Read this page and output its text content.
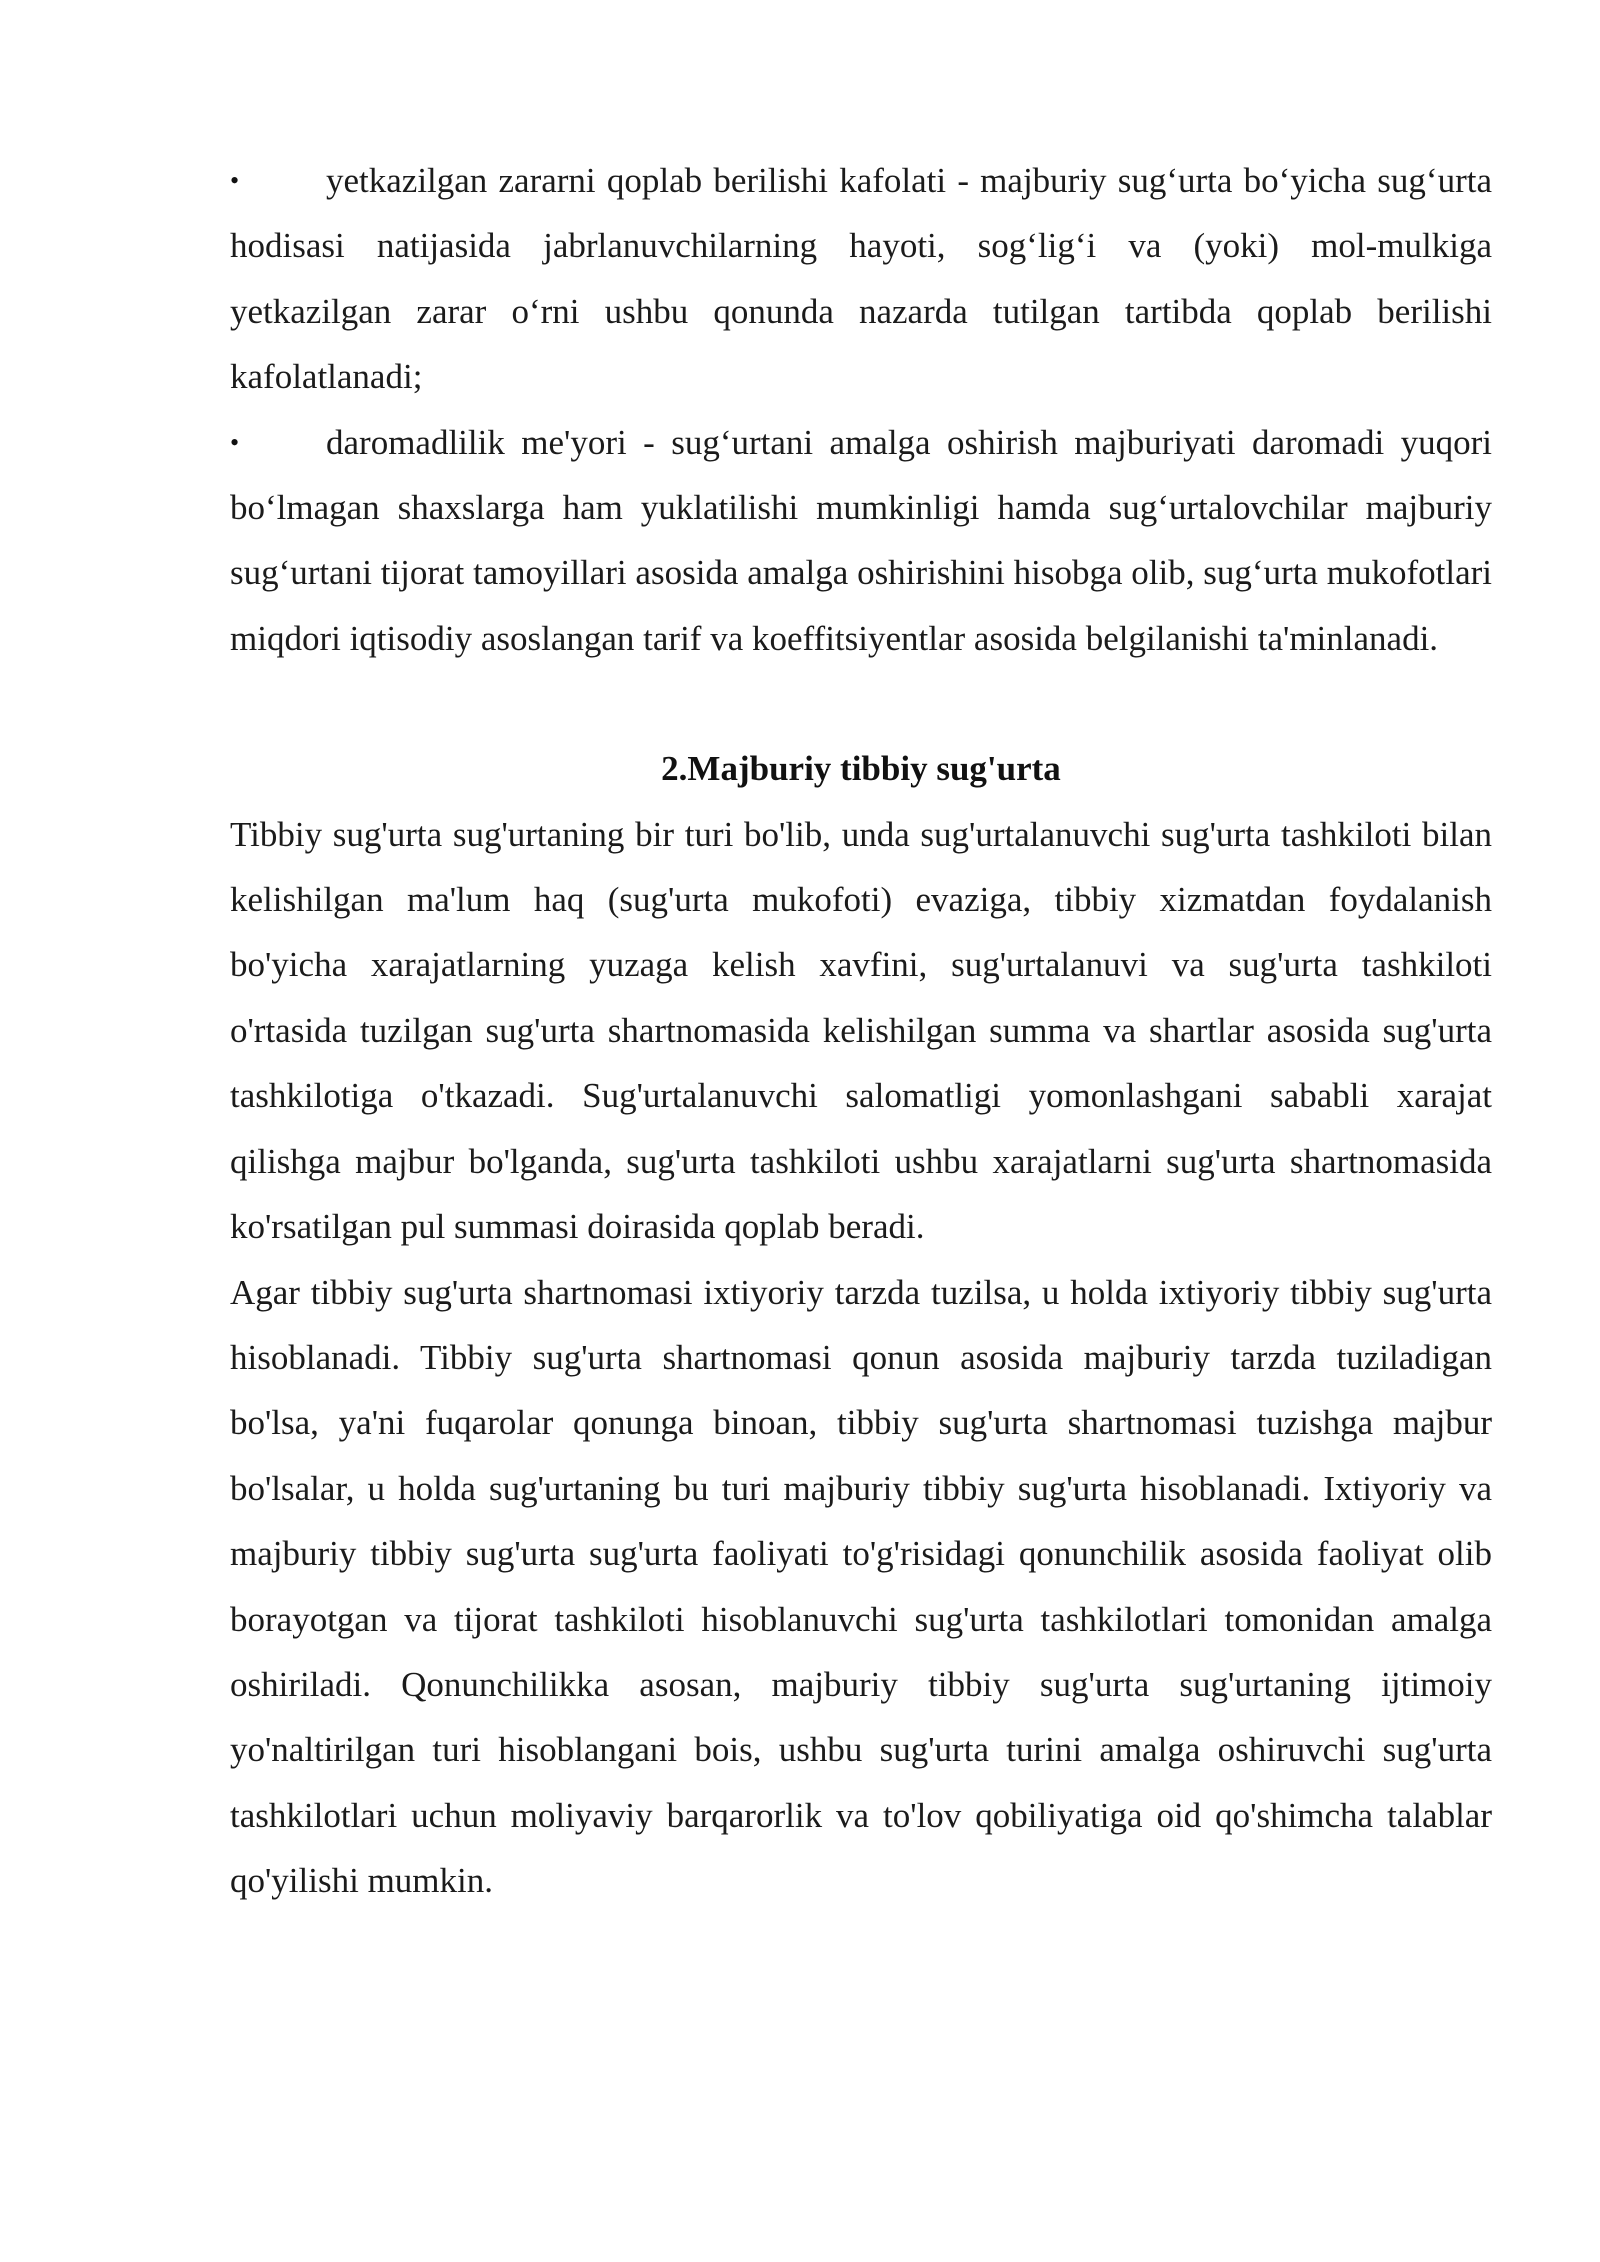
•	yetkazilgan zararni qoplab berilishi kafolati - majburiy sug‘urta bo‘yicha sug‘urta hodisasi natijasida jabrlanuvchilarning hayoti, sog‘lig‘i va (yoki) mol-mulkiga yetkazilgan zarar o‘rni ushbu qonunda nazarda tutilgan tartibda qoplab berilishi kafolatlanadi;

•	daromadlilik me'yori - sug‘urtani amalga oshirish majburiyati daromadi yuqori bo‘lmagan shaxslarga ham yuklatilishi mumkinligi hamda sug‘urtalovchilar majburiy sug‘urtani tijorat tamoyillari asosida amalga oshirishini hisobga olib, sug‘urta mukofotlari miqdori iqtisodiy asoslangan tarif va koeffitsiyentlar asosida belgilanishi ta'minlanadi.

2.Majburiy tibbiy sug'urta

Tibbiy sug'urta sug'urtaning bir turi bo'lib, unda sug'urtalanuvchi sug'urta tashkiloti bilan kelishilgan ma'lum haq (sug'urta mukofoti) evaziga, tibbiy xizmatdan foydalanish bo'yicha xarajatlarning yuzaga kelish xavfini, sug'urtalanuvi va sug'urta tashkiloti o'rtasida tuzilgan sug'urta shartnomasida kelishilgan summa va shartlar asosida sug'urta tashkilotiga o'tkazadi. Sug'urtalanuvchi salomatligi yomonlashgani sababli xarajat qilishga majbur bo'lganda, sug'urta tashkiloti ushbu xarajatlarni sug'urta shartnomasida ko'rsatilgan pul summasi doirasida qoplab beradi.

Agar tibbiy sug'urta shartnomasi ixtiyoriy tarzda tuzilsa, u holda ixtiyoriy tibbiy sug'urta hisoblanadi. Tibbiy sug'urta shartnomasi qonun asosida majburiy tarzda tuziladigan bo'lsa, ya'ni fuqarolar qonunga binoan, tibbiy sug'urta shartnomasi tuzishga majbur bo'lsalar, u holda sug'urtaning bu turi majburiy tibbiy sug'urta hisoblanadi. Ixtiyoriy va majburiy tibbiy sug'urta sug'urta faoliyati to'g'risidagi qonunchilik asosida faoliyat olib borayotgan va tijorat tashkiloti hisoblanuvchi sug'urta tashkilotlari tomonidan amalga oshiriladi. Qonunchilikka asosan, majburiy tibbiy sug'urta sug'urtaning ijtimoiy yo'naltirilgan turi hisoblangani bois, ushbu sug'urta turini amalga oshiruvchi sug'urta tashkilotlari uchun moliyaviy barqarorlik va to'lov qobiliyatiga oid qo'shimcha talablar qo'yilishi mumkin.
